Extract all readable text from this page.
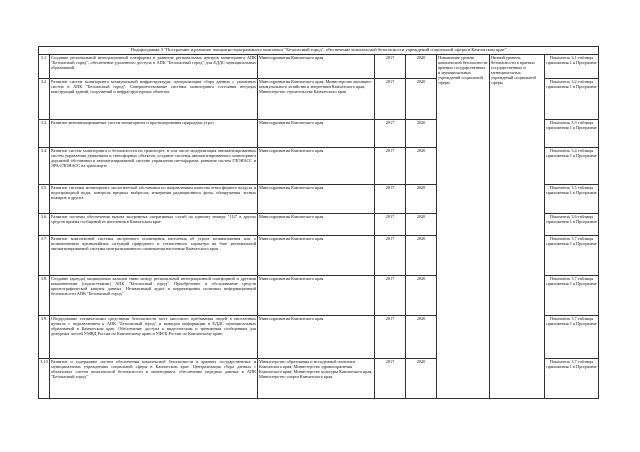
Подпрограмма 3 "Построение и развитие аппаратно-программного комплекса "Безопасный город", обеспечение комплексной безопасности учреждений социальной сферы в Камчатском крае"							
3.1.	Создание региональной интеграционной платформы и развитие региональных центров мониторинга АПК "Безопасный город", обеспечение удаленного доступа к АПК "Безопасный город" для ЕДДС муниципальных образований	Минсоцразвития Камчатского края	2017	2020	Повышение уровня комплексной безопасности краевых государственных и муниципальных учреждений социальной сферы	Низкий уровень безопасности в краевых государственных и муниципальных учреждений социальной сферы	Показатель 3.1 таблицы приложения 1 к Программе
3.2.	Развитие систем мониторинга коммунальной инфраструктуры, централизация сбора данных с указанных систем в АПК "Безопасный город". Совершенствование системы мониторинга состояния несущих конструкций зданий, сооружений и инфраструктурных объектов	Минсоцразвития Камчатского края; Министерство жилищно-коммунального хозяйства и энергетики Камчатского края; Министерство строительства Камчатского края	2017	2020			Показатель 3.2 таблицы приложения 1 к Программе
3.3.	Развитие автоматизированных систем мониторинга и прогнозирования природных угроз	Минсоцразвития Камчатского края	2017	2020			Показатель 3.3 таблицы приложения 1 к Программе
3.4.	Развитие систем мониторинга и безопасности на транспорте, в том числе модернизация автоматизированных систем управления движением и светофорных объектов, создание системы автоматизированного мониторинга дорожной обстановки в автоматизированной системе управления светофорами, развитие систем ГЛОНАСС и ЭРА-ГЛОНАСС на транспорте	Минсоцразвития Камчатского края	2017	2020			Показатель 3.4 таблицы приложения 1 к Программе
3.5.	Развитие системы мониторинга экологической обстановки по направлениям качества атмосферного воздуха и водопроводной воды, контроля вредных выбросов, измерения радиационного фона, обнаружения лесных пожаров и других	Минсоцразвития Камчатского края	2017	2020			Показатель 3.5 таблицы приложения 1 к Программе
3.6.	Развитие системы обеспечения вызова экстренных оперативных служб по единому номеру "112" в других средств приема сообщений от населения в Камчатском крае	Минсоцразвития Камчатского края	2017	2020			Показатель 3.6 таблицы приложения 1 к Программе
3.7.	Развитие комплексной системы экстренного оповещения населения об угрозе возникновения или о возникновении чрезвычайных ситуаций природного и техногенного характера на базе региональной автоматизированной системы централизованного оповещения населения Камчатского края	Минсоцразвития Камчатского края	2017	2020			Показатель 3.7 таблицы приложения 1 к Программе
3.8.	Создание (аренда) защищенных каналов связи между региональной интеграционной платформой и другими компонентами (подсистемами) АПК "Безопасный город". Приобретение и обслуживание средств криптографической защиты данных. Независимый аудит и корректировка политики информационной безопасности АПК "Безопасный город"	Минсоцразвития Камчатского края	2017	2020			Показатель 3.7 таблицы приложения 1 к Программе
3.9.	Оборудование техническими средствами безопасности мест массового пребывания людей в населенных пунктах с подключением к АПК "Безопасный город" и выводом информации в ЕДДС муниципальных образований в Камчатском крае. Обеспечение доступа к видеопотокам и тревожным сообщениям для дежурных частей УМВД России по Камчатскому краю и УФСБ России по Камчатскому краю	Минсоцразвития Камчатского края	2017	2020			Показатель 3.7 таблицы приложения 1 к Программе
3.10.	Развитие и содержание систем обеспечения комплексной безопасности в краевых государственных и муниципальных учреждениях социальной сферы в Камчатском крае. Централизация сбора данных с объектовых систем комплексной безопасности и мониторинга, обеспечение передачи данных в АПК "Безопасный город"	Министерство образования и молодежной политики Камчатского края; Министерство здравоохранения Камчатского края; Министерство культуры Камчатского края; Министерство спорта Камчатского края	2017	2020			Показатель 3.7 таблицы приложения 1 к Программе
